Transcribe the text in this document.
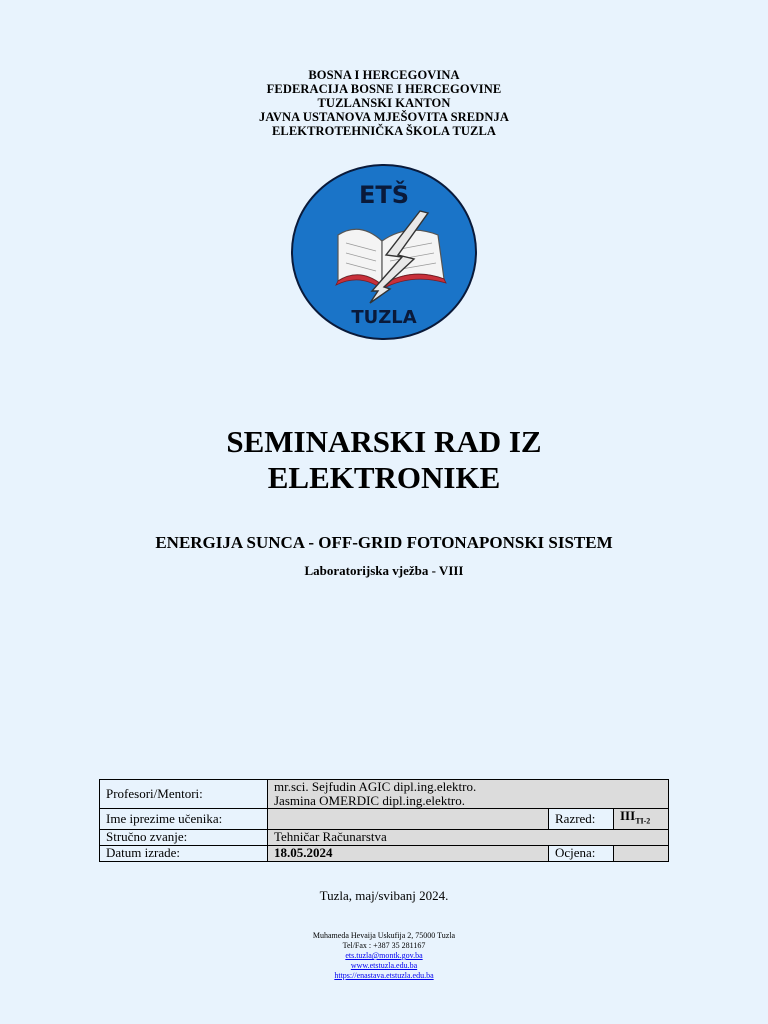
BOSNA I HERCEGOVINA
FEDERACIJA BOSNE I HERCEGOVINE
TUZLANSKI KANTON
JAVNA USTANOVA MJEŠOVITA SREDNJA
ELEKTROTEHNIČKA ŠKOLA TUZLA
ETŠ
TUZLA
SEMINARSKI RAD IZ
ELEKTRONIKE
ENERGIJA SUNCA - OFF-GRID FOTONAPONSKI SISTEM
Laboratorijska vježba - VIII
Profesori/Mentori:	mr.sci. Sejfudin AGIC dipl.ing.elektro.
Jasmina OMERDIC dipl.ing.elektro.		

Ime iprezime učenika:		Razred:	$III_{TI-2}$
Stručno zvanje:	Tehničar Računarstva		
Datum izrade:	18.05.2024	Ocjena:	
Tuzla, maj/svibanj 2024.
Muhameda Hevaija Uskufija 2, 75000 Tuzla
Tel/Fax : +387 35 281167
ets.tuzla@montk.gov.ba
www.etstuzla.edu.ba
https://enastava.etstuzla.edu.ba
